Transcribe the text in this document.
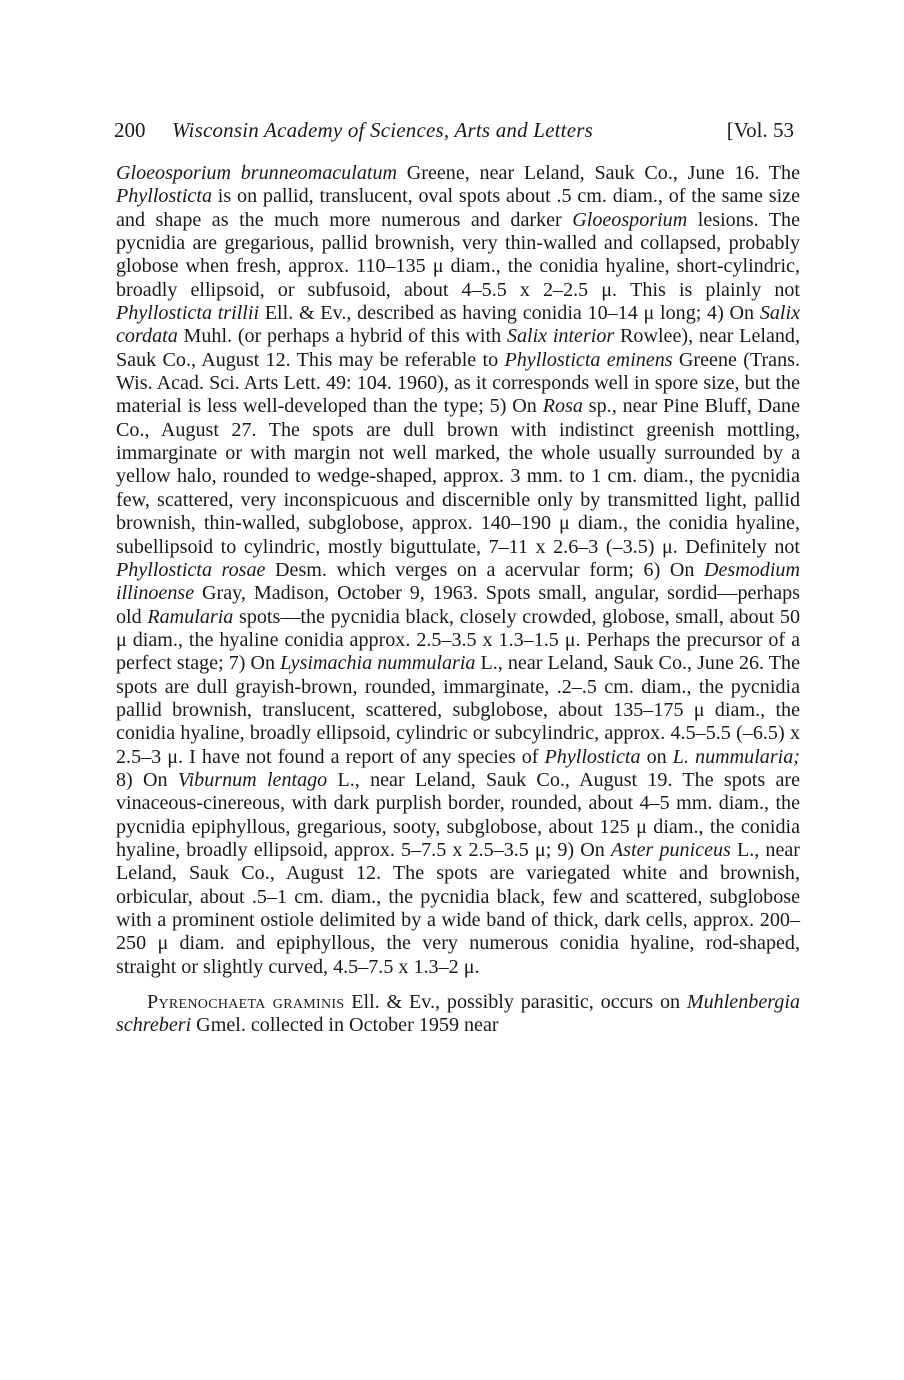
200 Wisconsin Academy of Sciences, Arts and Letters	[Vol. 53

Gloeosporium brunneomaculatum Greene, near Leland, Sauk Co., June 16. The Phyllosticta is on pallid, translucent, oval spots about .5 cm. diam., of the same size and shape as the much more numerous and darker Gloeosporium lesions. The pycnidia are gregarious, pallid brownish, very thin-walled and collapsed, probably globose when fresh, approx. 110–135 μ diam., the conidia hyaline, short-cylindric, broadly ellipsoid, or subfusoid, about 4–5.5 x 2–2.5 μ. This is plainly not Phyllosticta trillii Ell. & Ev., described as having conidia 10–14 μ long; 4) On Salix cordata Muhl. (or perhaps a hybrid of this with Salix interior Rowlee), near Leland, Sauk Co., August 12. This may be referable to Phyllosticta eminens Greene (Trans. Wis. Acad. Sci. Arts Lett. 49: 104. 1960), as it corresponds well in spore size, but the material is less well-developed than the type; 5) On Rosa sp., near Pine Bluff, Dane Co., August 27. The spots are dull brown with indistinct greenish mottling, immarginate or with margin not well marked, the whole usually surrounded by a yellow halo, rounded to wedge-shaped, approx. 3 mm. to 1 cm. diam., the pycnidia few, scattered, very inconspicuous and discernible only by transmitted light, pallid brownish, thin-walled, subglobose, approx. 140–190 μ diam., the conidia hyaline, subellipsoid to cylindric, mostly biguttulate, 7–11 x 2.6–3 (–3.5) μ. Definitely not Phyllosticta rosae Desm. which verges on a acervular form; 6) On Desmodium illinoense Gray, Madison, October 9, 1963. Spots small, angular, sordid—perhaps old Ramularia spots—the pycnidia black, closely crowded, globose, small, about 50 μ diam., the hyaline conidia approx. 2.5–3.5 x 1.3–1.5 μ. Perhaps the precursor of a perfect stage; 7) On Lysimachia nummularia L., near Leland, Sauk Co., June 26. The spots are dull grayish-brown, rounded, immarginate, .2–.5 cm. diam., the pycnidia pallid brownish, translucent, scattered, subglobose, about 135–175 μ diam., the conidia hyaline, broadly ellipsoid, cylindric or subcylindric, approx. 4.5–5.5 (–6.5) x 2.5–3 μ. I have not found a report of any species of Phyllosticta on L. nummularia; 8) On Viburnum lentago L., near Leland, Sauk Co., August 19. The spots are vinaceous-cinereous, with dark purplish border, rounded, about 4–5 mm. diam., the pycnidia epiphyllous, gregarious, sooty, subglobose, about 125 μ diam., the conidia hyaline, broadly ellipsoid, approx. 5–7.5 x 2.5–3.5 μ; 9) On Aster puniceus L., near Leland, Sauk Co., August 12. The spots are variegated white and brownish, orbicular, about .5–1 cm. diam., the pycnidia black, few and scattered, subglobose with a prominent ostiole delimited by a wide band of thick, dark cells, approx. 200–250 μ diam. and epiphyllous, the very numerous conidia hyaline, rod-shaped, straight or slightly curved, 4.5–7.5 x 1.3–2 μ.

Pyrenochaeta graminis Ell. & Ev., possibly parasitic, occurs on Muhlenbergia schreberi Gmel. collected in October 1959 near
